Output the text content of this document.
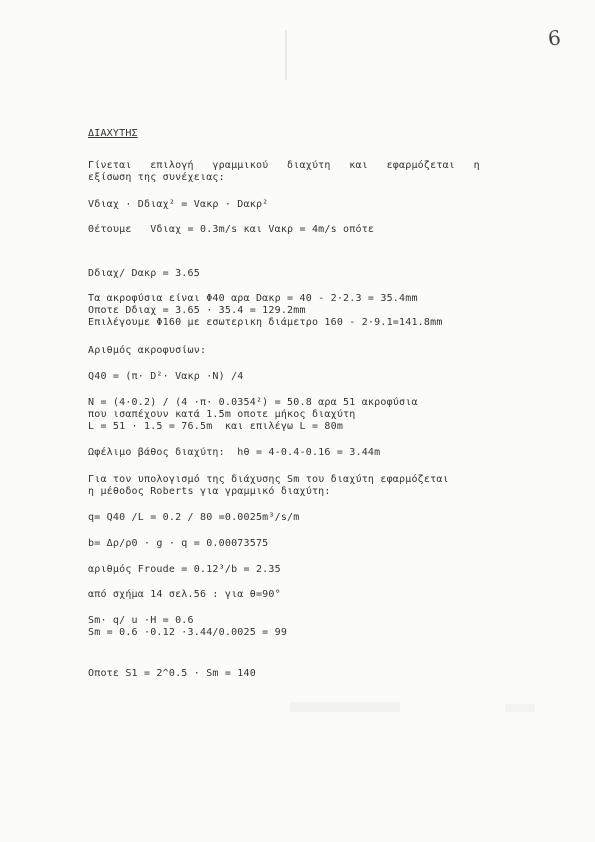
6
ΔΙΑΧΥΤΗΣ
Γίνεται   επιλογή   γραμμικού   διαχύτη   και   εφαρμόζεται   η
εξίσωση της συνέχειας:
Vδιαχ · Dδιαχ² = Vακρ · Dακρ²
Θέτουμε   Vδιαχ = 0.3m/s και Vακρ = 4m/s οπότε
Dδιαχ/ Dακρ = 3.65
Τα ακροφύσια είναι Φ40 αρα Dακρ = 40 - 2·2.3 = 35.4mm
Οποτε Dδιαχ = 3.65 · 35.4 = 129.2mm
Επιλέγουμε Φ160 με εσωτερικη διάμετρο 160 - 2·9.1=141.8mm
Αριθμός ακροφυσίων:
Q40 = (π· D²· Vακρ ·N) /4
N = (4·0.2) / (4 ·π· 0.0354²) = 50.8 αρα 51 ακροφύσια
που ισαπέχουν κατά 1.5m οποτε μήκος διαχύτη
L = 51 · 1.5 = 76.5m  και επιλέγω L = 80m
Ωφέλιμο βάθος διαχύτη:  hθ = 4-0.4-0.16 = 3.44m
Για τον υπολογισμό της διάχυσης Sm του διαχύτη εφαρμόζεται
η μέθοδος Roberts για γραμμικό διαχύτη:
q= Q40 /L = 0.2 / 80 =0.0025m³/s/m
b= Δρ/ρ0 · g · q = 0.00073575
αριθμός Froude = 0.12³/b = 2.35
από σχήμα 14 σελ.56 : για θ=90°
Sm· q/ u ·H = 0.6
Sm = 0.6 ·0.12 ·3.44/0.0025 = 99
Οποτε S1 = 2^0.5 · Sm = 140
